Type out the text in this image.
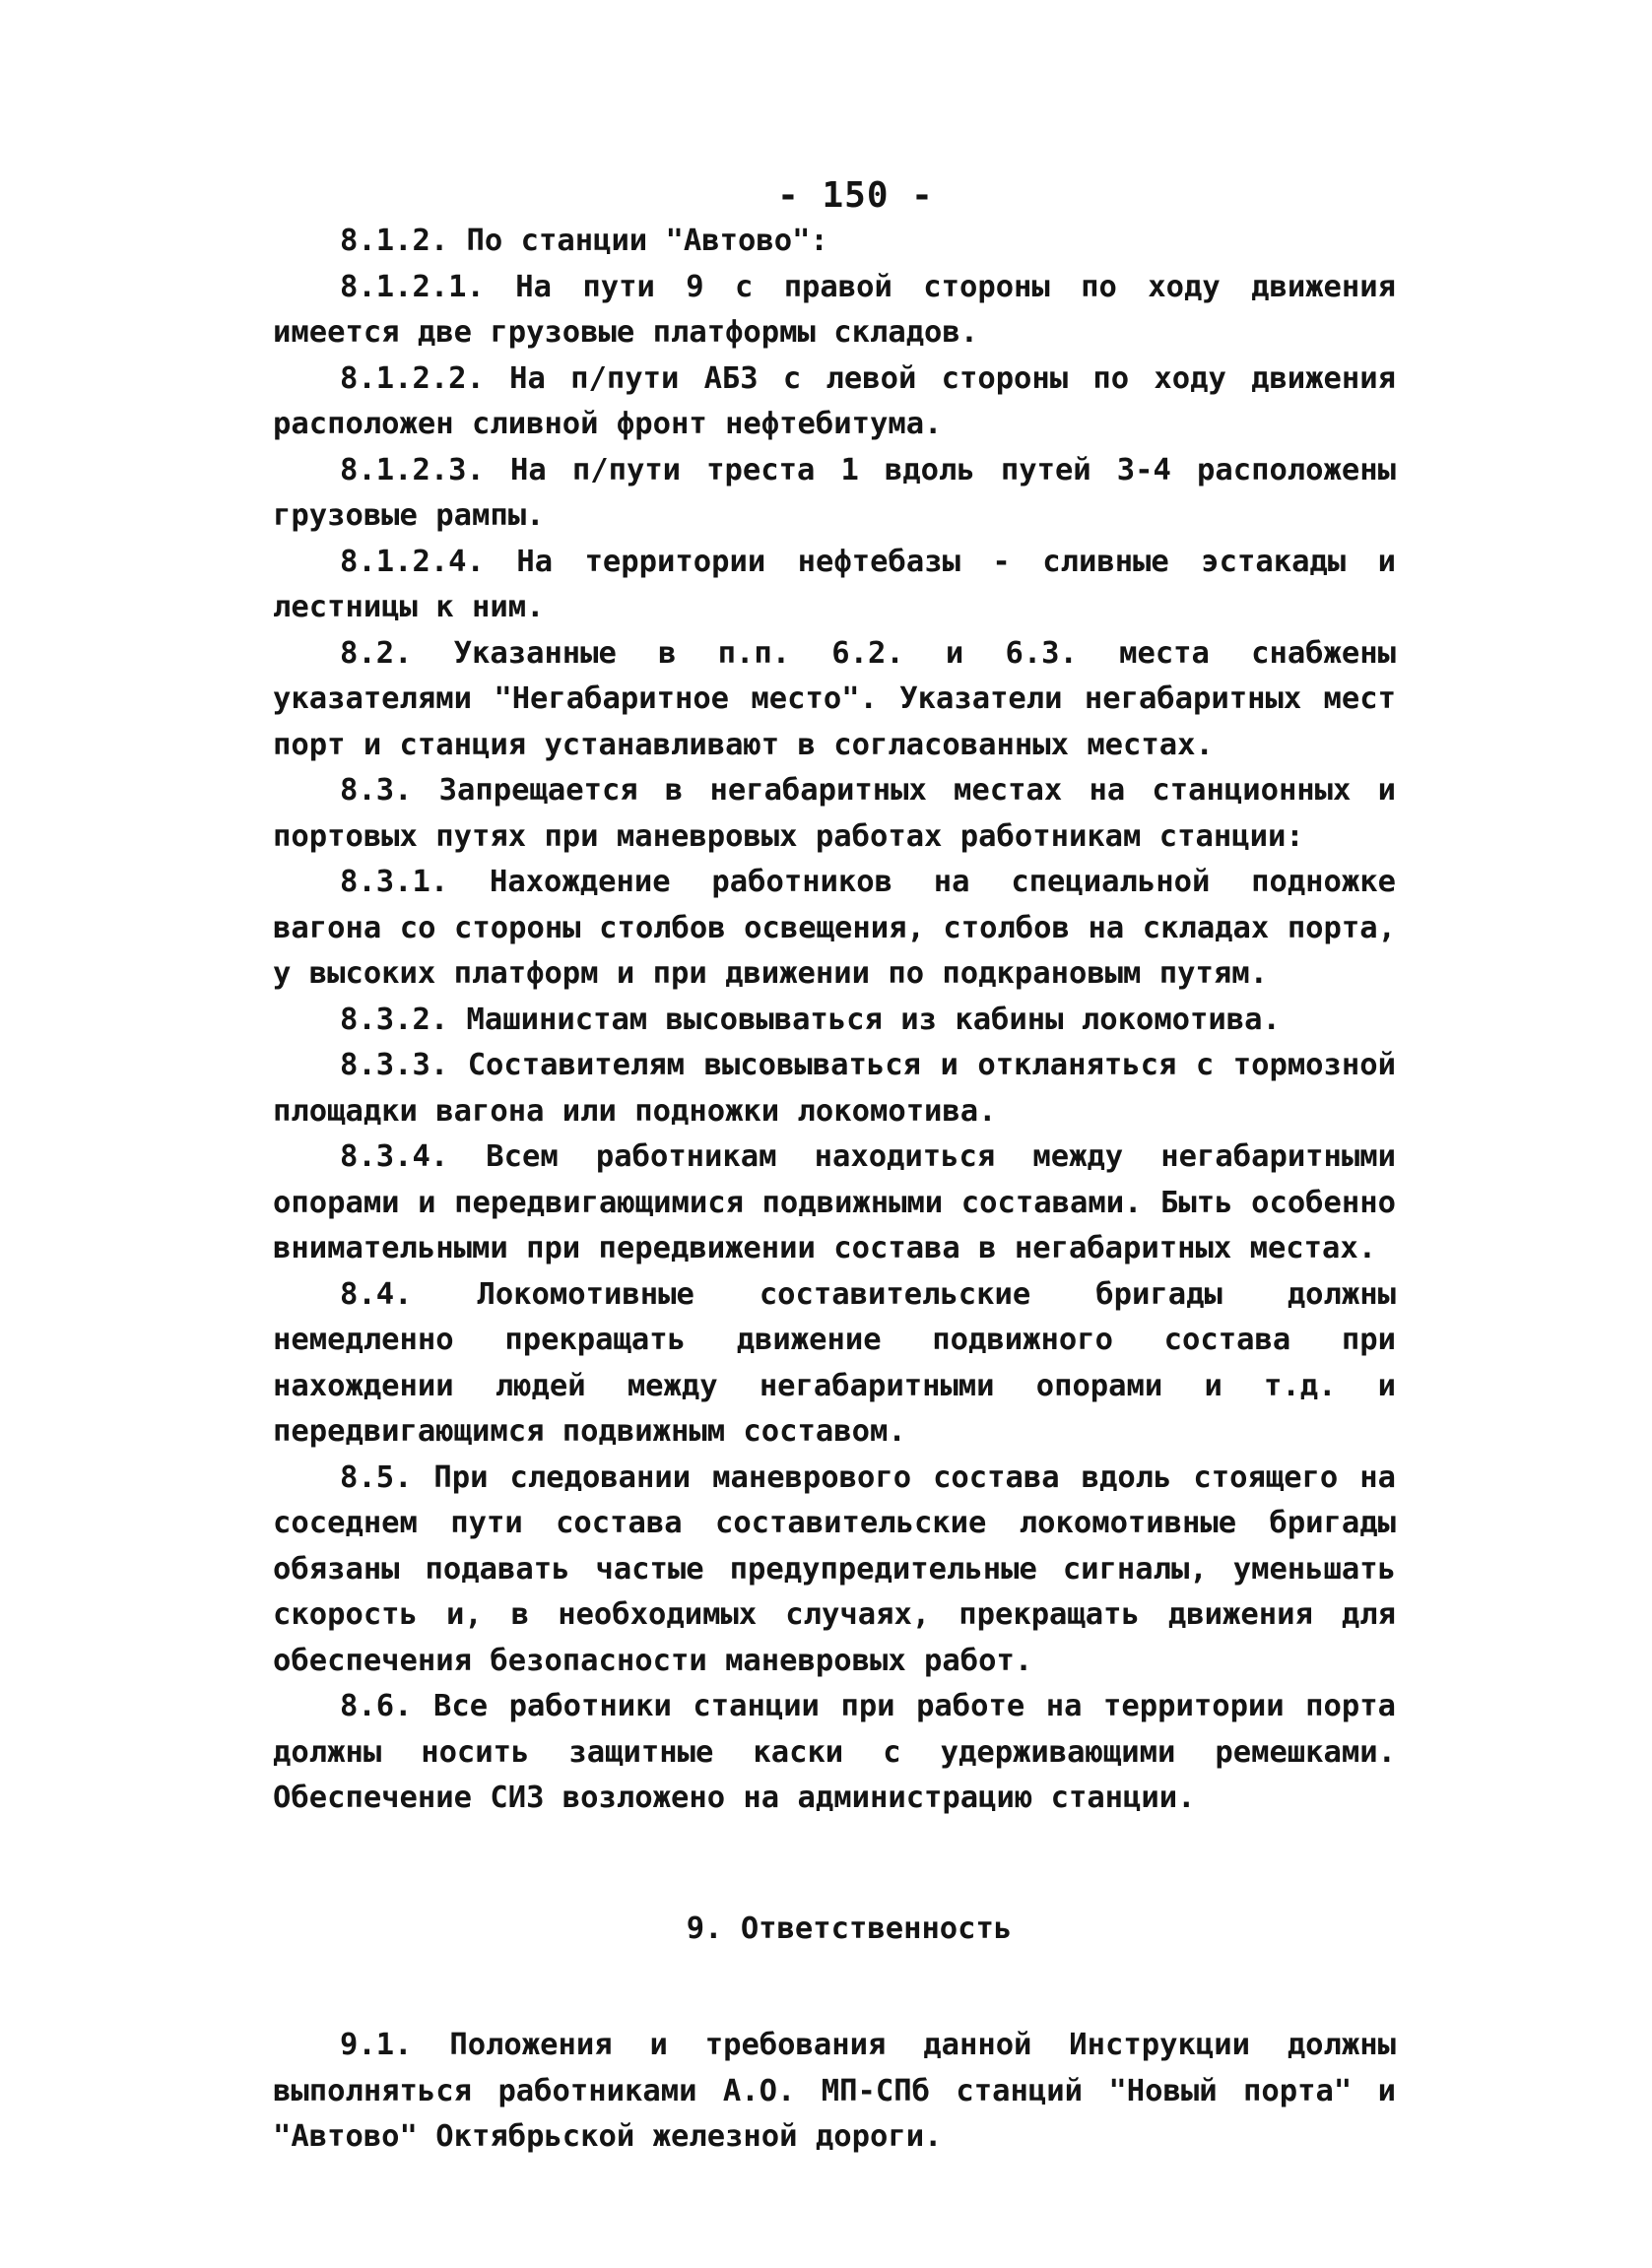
- 150 -

8.1.2. По станции "Автово":

8.1.2.1. На пути 9 с правой стороны по ходу движения имеется две грузовые платформы складов.

8.1.2.2. На п/пути АБЗ с левой стороны по ходу движения расположен сливной фронт нефтебитума.

8.1.2.3. На п/пути треста 1 вдоль путей 3-4 расположены грузовые рампы.

8.1.2.4. На территории нефтебазы - сливные эстакады и лестницы к ним.

8.2. Указанные в п.п. 6.2. и 6.3. места снабжены указателями "Негабаритное место". Указатели негабаритных мест порт и станция устанавливают в согласованных местах.

8.3. Запрещается в негабаритных местах на станционных и портовых путях при маневровых работах работникам станции:

8.3.1. Нахождение работников на специальной подножке вагона со стороны столбов освещения, столбов на складах порта, у высоких платформ и при движении по подкрановым путям.

8.3.2. Машинистам высовываться из кабины локомотива.

8.3.3. Составителям высовываться и откланяться с тормозной площадки вагона или подножки локомотива.

8.3.4. Всем работникам находиться между негабаритными опорами и передвигающимися подвижными составами. Быть особенно внимательными при передвижении состава в негабаритных местах.

8.4. Локомотивные составительские бригады должны немедленно прекращать движение подвижного состава при нахождении людей между негабаритными опорами и т.д. и передвигающимся подвижным составом.

8.5. При следовании маневрового состава вдоль стоящего на соседнем пути состава составительские локомотивные бригады обязаны подавать частые предупредительные сигналы, уменьшать скорость и, в необходимых случаях, прекращать движения для обеспечения безопасности маневровых работ.

8.6. Все работники станции при работе на территории порта должны носить защитные каски с удерживающими ремешками. Обеспечение СИЗ возложено на администрацию станции.

9. Ответственность

9.1. Положения и требования данной Инструкции должны выполняться работниками А.О. МП-СПб станций "Новый порта" и "Автово" Октябрьской железной дороги.
